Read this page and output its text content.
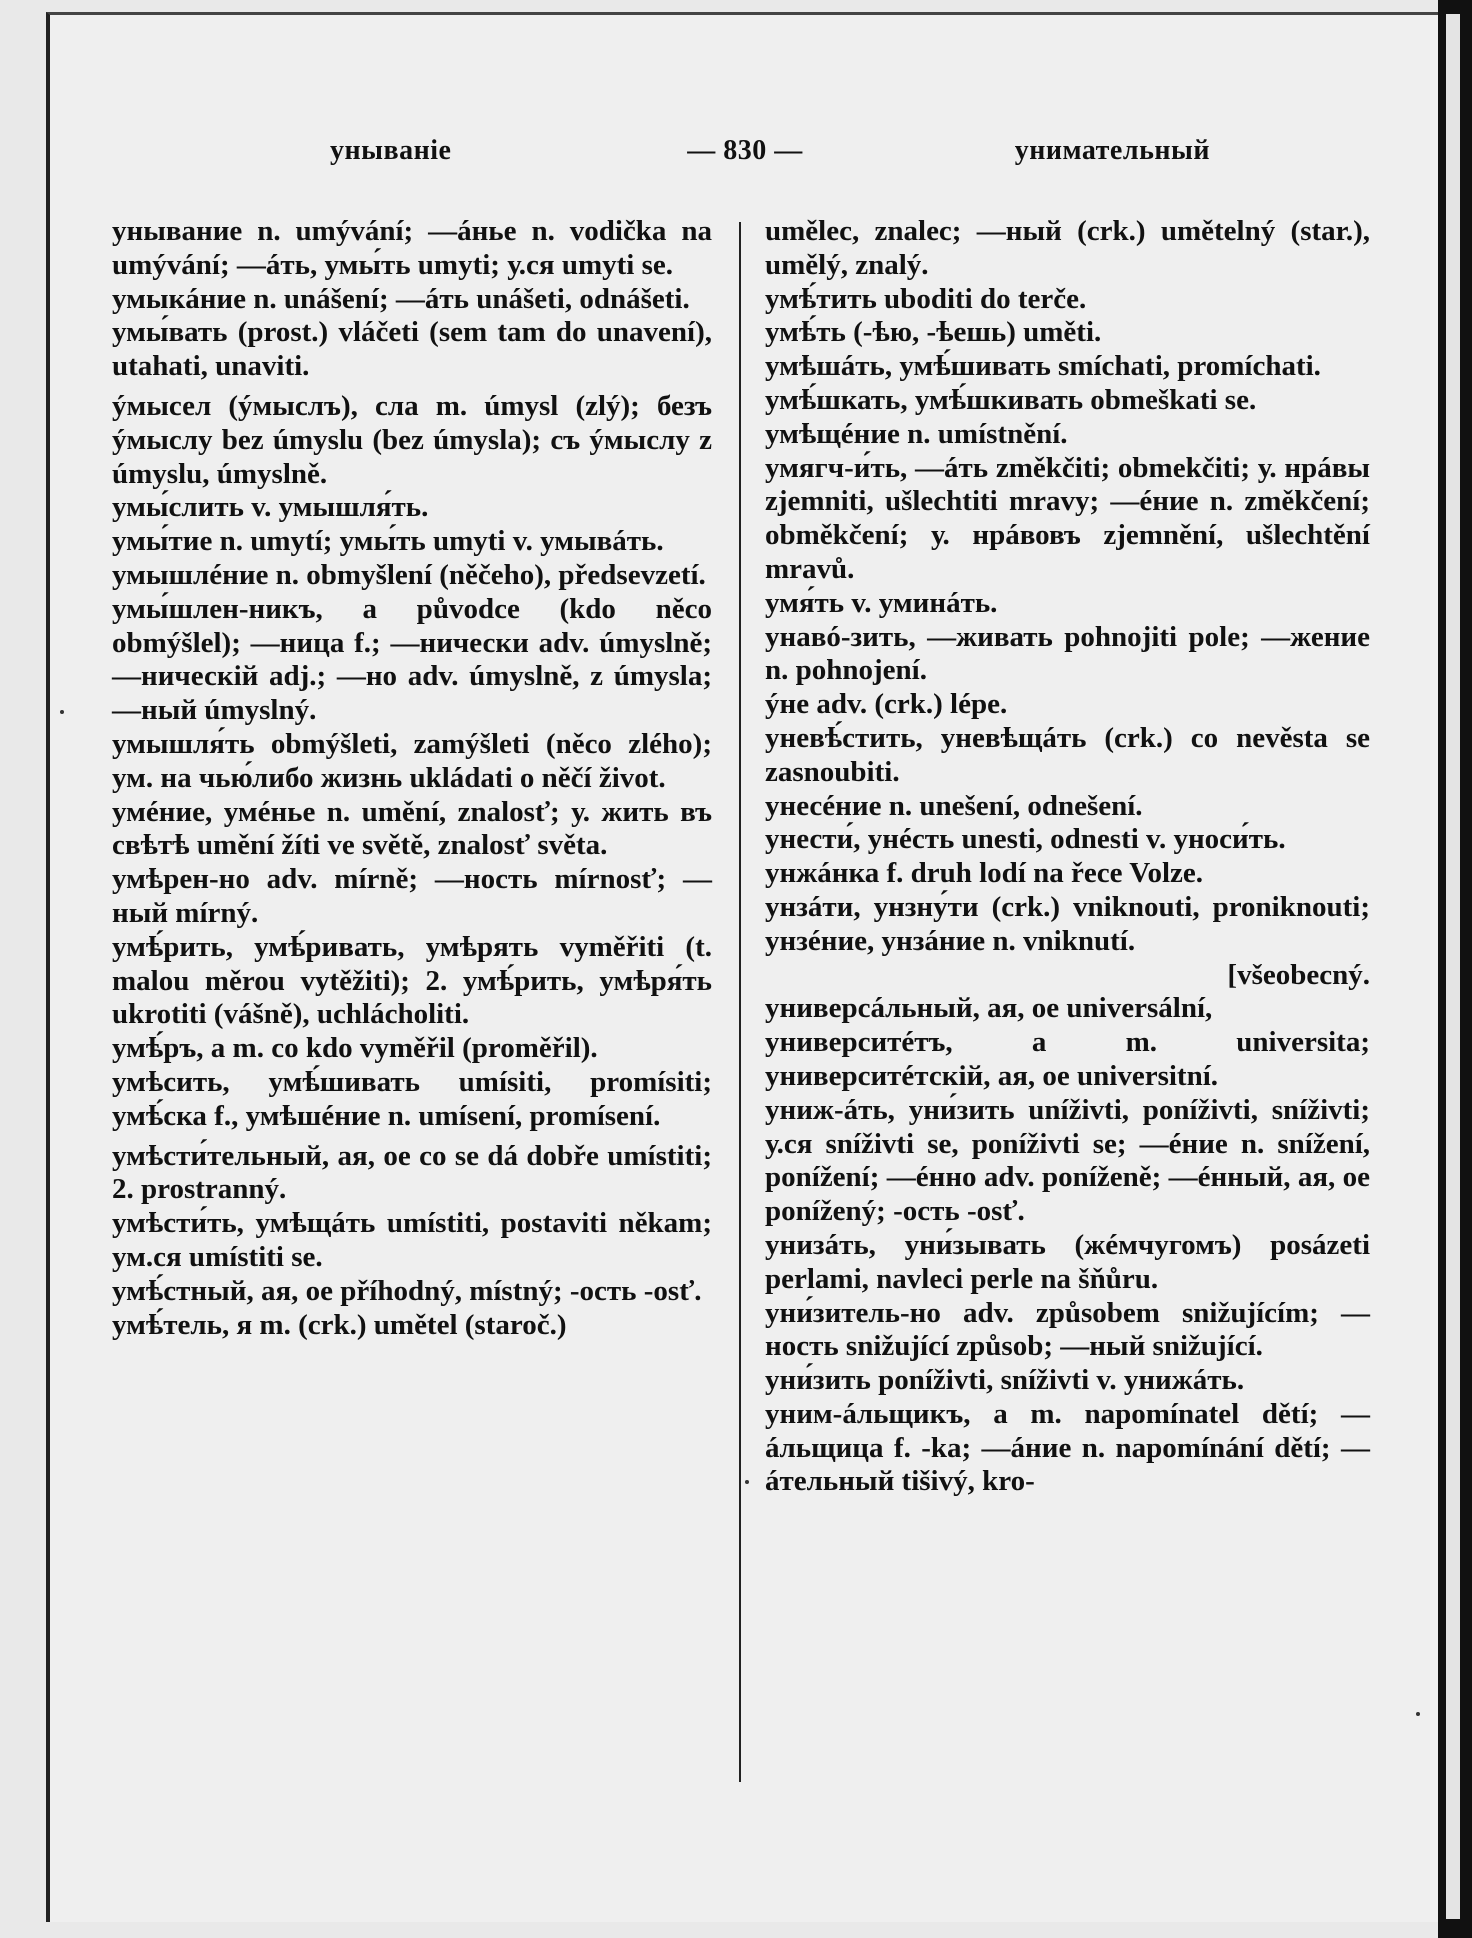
унываніе	— 830 —	унимательный
унывание n. umývání; —áнье n. vodička na umývání; —áть, умы́ть umyti; у.ся umyti se.
умыкáние n. unášení; —áть unášeti, odnášeti.
умы́вать (prost.) vláčeti (sem tam do unavení), utahati, unaviti.
ýмысел (ýмыслъ), сла m. úmysl (zlý); безъ ýмыслу bez úmyslu (bez úmysla); съ ýмыслу z úmyslu, úmyslně.
умы́слить v. умышля́ть.
умы́тие n. umytí; умы́ть umyti v. умывáть.
умышлéние n. obmyšlení (něčeho), předsevzetí.
умы́шлен-никъ, a původce (kdo něco obmýšlel); —ница f.; —нически adv. úmyslně; —ническій adj.; —но adv. úmyslně, z úmysla; —ный úmyslný.
умышля́ть obmýšleti, zamýšleti (něco zlého); ум. на чью́либо жизнь ukládati o něčí život.
умéние, умéнье n. umění, znalosť; у. жить въ свѣтѣ umění žíti ve světě, znalosť světa.
умѣрен-но adv. mírně; —ность mírnosť; —ный mírný.
умѣ́рить, умѣ́ривать, умѣрять vyměřiti (t. malou měrou vytěžiti); 2. умѣ́рить, умѣря́ть ukrotiti (vášně), uchlácholiti.
умѣ́ръ, а m. co kdo vyměřil (proměřil).
умѣсить, умѣ́шивать umísiti, promísiti; умѣ́ска f., умѣшéние n. umísení, promísení.
умѣсти́тельный, ая, ое co se dá dobře umístiti; 2. prostranný.
умѣсти́ть, умѣщáть umístiti, postaviti někam; ум.ся umístiti se.
умѣ́стный, ая, ое příhodný, místný; -ость -osť.
умѣ́тель, я m. (crk.) umětel (staroč.)
umělec, znalec; —ный (crk.) umětelný (star.), umělý, znalý.
умѣ́тить uboditi do terče.
умѣ́ть (-ѣю, -ѣешь) uměti.
умѣшáть, умѣ́шивать smíchati, promíchati.
умѣ́шкать, умѣ́шкивать obmeškati se.
умѣщéние n. umístnění.
умягч-и́ть, —áть změkčiti; obmekčiti; у. нрáвы zjemniti, ušlechtiti mravy; —éние n. změkčení; obměkčení; у. нрáвовъ zjemnění, ušlechtění mravů.
умя́ть v. уминáть.
унавó-зить, —живать pohnojiti pole; —жение n. pohnojení.
ýне adv. (crk.) lépe.
уневѣ́стить, уневѣщáть (crk.) co nevěsta se zasnoubiti.
унесéние n. unešení, odnešení.
унести́, унéсть unesti, odnesti v. уноси́ть.
унжáнка f. druh lodí na řece Volze.
унзáти, унзну́ти (crk.) vniknouti, proniknouti; унзéние, унзáние n. vniknutí.
[všeobecný.
универсáльный, ая, ое universální,
университéтъ, а m. universita; университéтскій, ая, ое universitní.
униж-áть, уни́зить uníživti, poníživti, sníživti; у.ся sníživti se, poníživti se; —éние n. snížení, ponížení; —éнно adv. poníženě; —éнный, ая, ое ponížený; -ость -osť.
унизáть, уни́зывать (жéмчугомъ) posázeti perlami, navleci perle na šňůru.
уни́зитель-но adv. způsobem snižujícím; —ность snižující způsob; —ный snižující.
уни́зить poníživti, sníživti v. унижáть.
уним-áльщикъ, а m. napomínatel dětí; —áльщица f. -ka; —áние n. napomínání dětí; —áтельный tišivý, kro-
